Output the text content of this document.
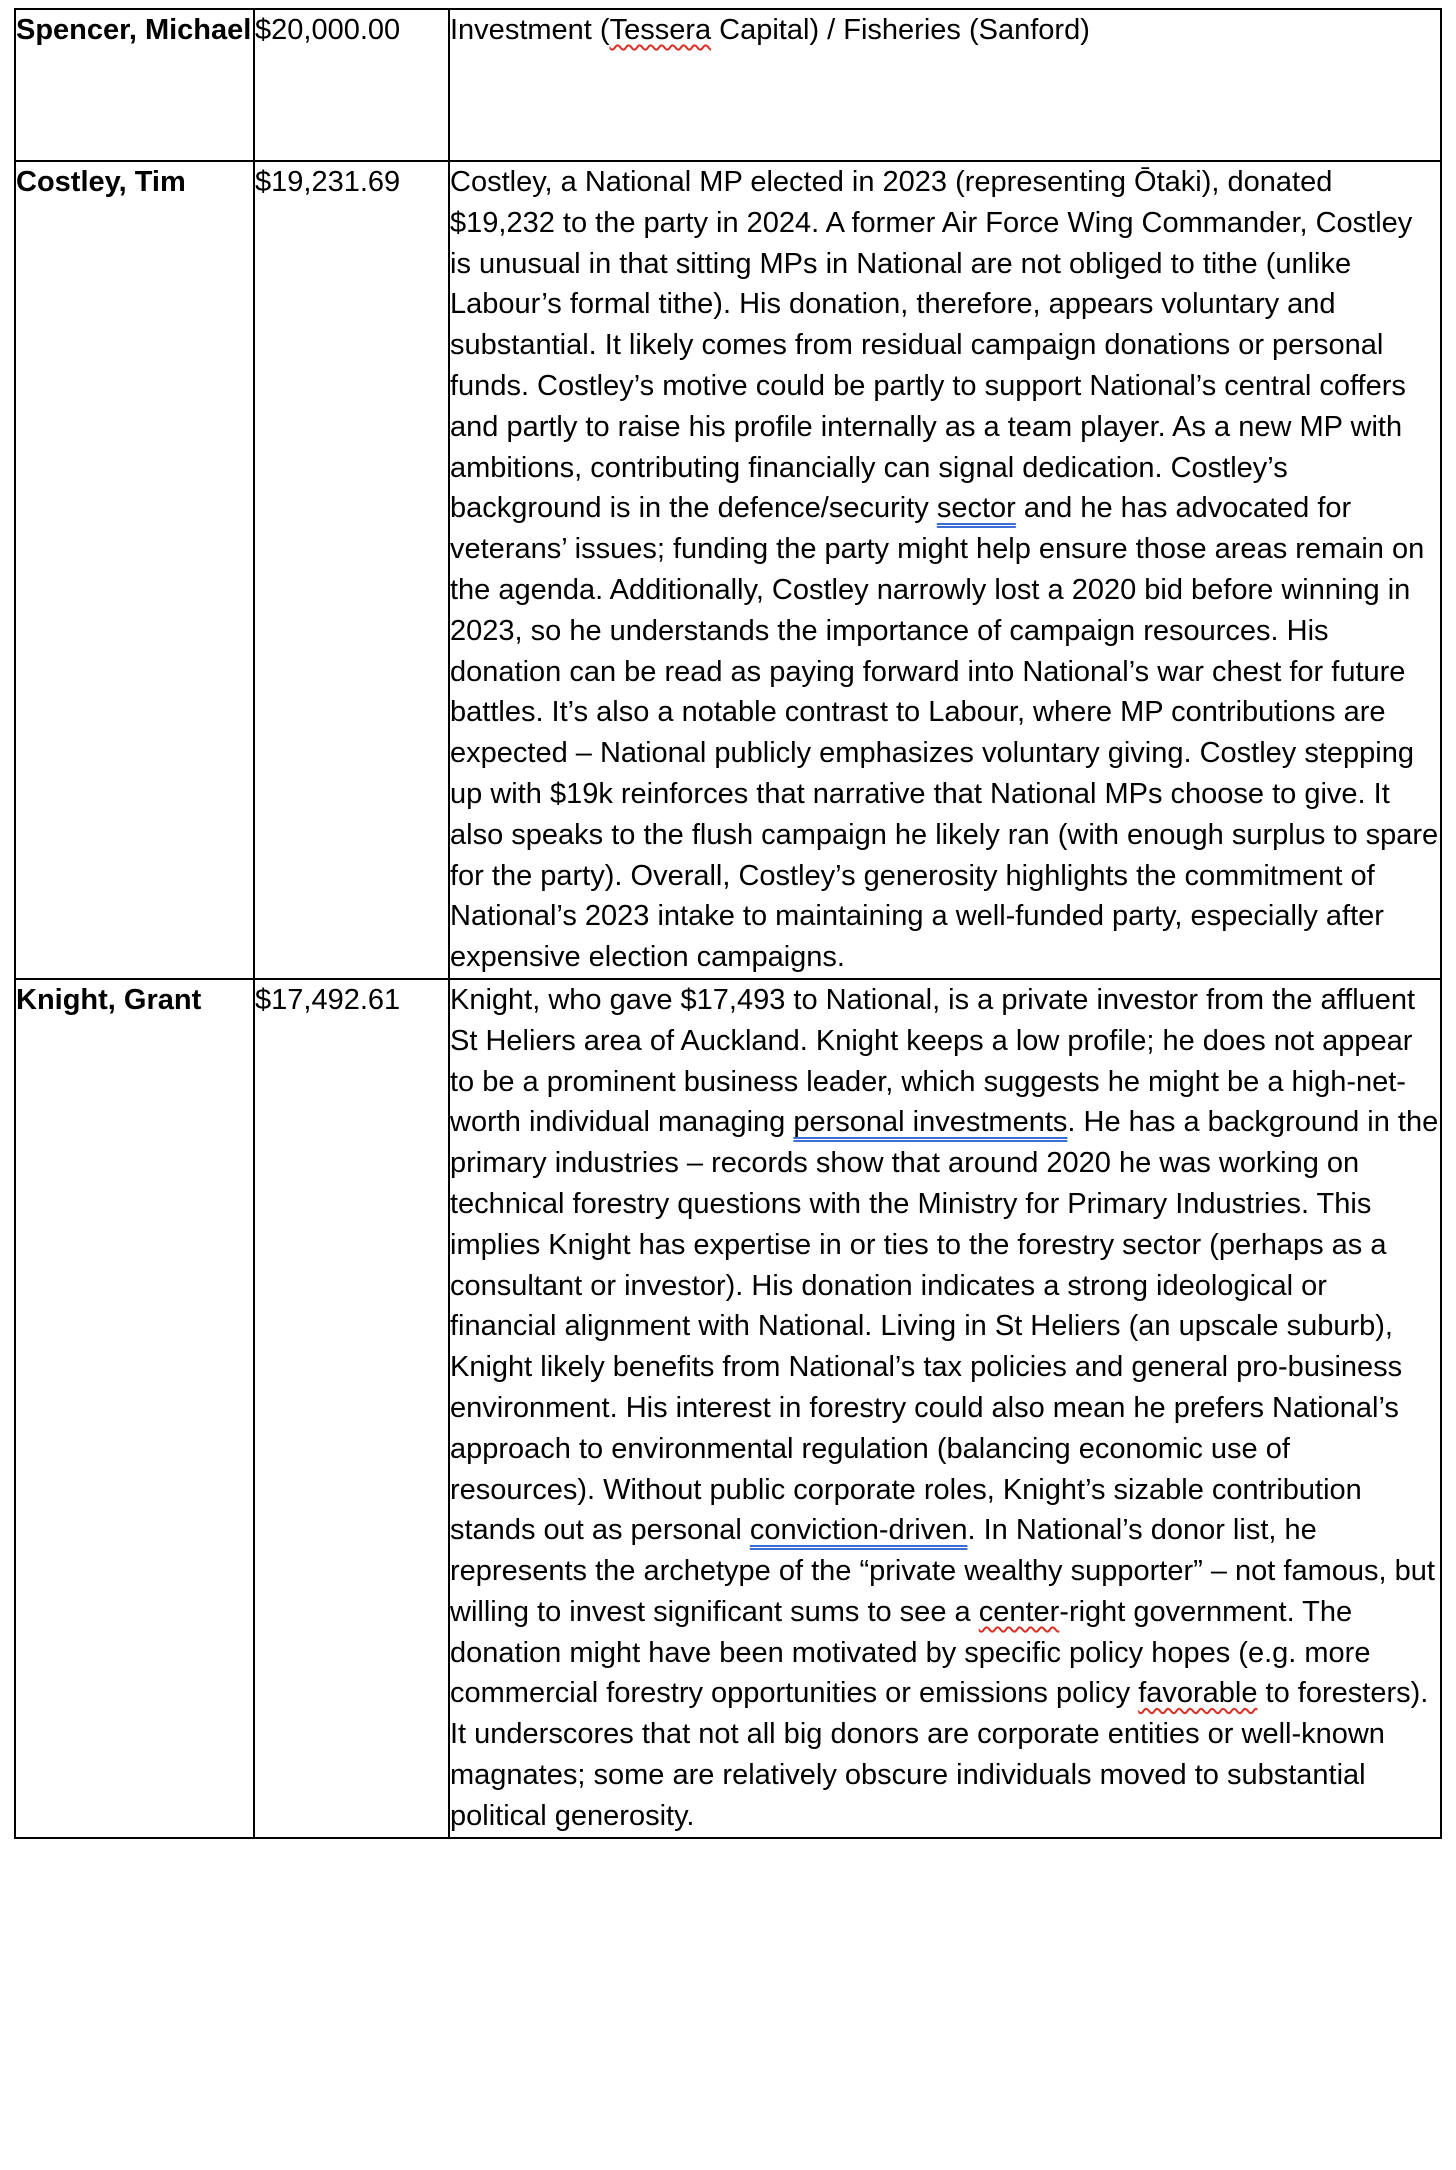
Spencer, Michael	$20,000.00	Investment (Tessera Capital) / Fisheries (Sanford)
Costley, Tim	$19,231.69	Costley, a National MP elected in 2023 (representing Ōtaki), donated $19,232 to the party in 2024. A former Air Force Wing Commander, Costley is unusual in that sitting MPs in National are not obliged to tithe (unlike Labour’s formal tithe). His donation, therefore, appears voluntary and substantial. It likely comes from residual campaign donations or personal funds. Costley’s motive could be partly to support National’s central coffers and partly to raise his profile internally as a team player. As a new MP with ambitions, contributing financially can signal dedication. Costley’s background is in the defence/security sector and he has advocated for veterans’ issues; funding the party might help ensure those areas remain on the agenda. Additionally, Costley narrowly lost a 2020 bid before winning in 2023, so he understands the importance of campaign resources. His donation can be read as paying forward into National’s war chest for future battles. It’s also a notable contrast to Labour, where MP contributions are expected – National publicly emphasizes voluntary giving. Costley stepping up with $19k reinforces that narrative that National MPs choose to give. It also speaks to the flush campaign he likely ran (with enough surplus to spare for the party). Overall, Costley’s generosity highlights the commitment of National’s 2023 intake to maintaining a well-funded party, especially after expensive election campaigns.
Knight, Grant	$17,492.61	Knight, who gave $17,493 to National, is a private investor from the affluent St Heliers area of Auckland. Knight keeps a low profile; he does not appear to be a prominent business leader, which suggests he might be a high-net-worth individual managing personal investments. He has a background in the primary industries – records show that around 2020 he was working on technical forestry questions with the Ministry for Primary Industries. This implies Knight has expertise in or ties to the forestry sector (perhaps as a consultant or investor). His donation indicates a strong ideological or financial alignment with National. Living in St Heliers (an upscale suburb), Knight likely benefits from National’s tax policies and general pro-business environment. His interest in forestry could also mean he prefers National’s approach to environmental regulation (balancing economic use of resources). Without public corporate roles, Knight’s sizable contribution stands out as personal conviction-driven. In National’s donor list, he represents the archetype of the “private wealthy supporter” – not famous, but willing to invest significant sums to see a center-right government. The donation might have been motivated by specific policy hopes (e.g. more commercial forestry opportunities or emissions policy favorable to foresters). It underscores that not all big donors are corporate entities or well-known magnates; some are relatively obscure individuals moved to substantial political generosity.
